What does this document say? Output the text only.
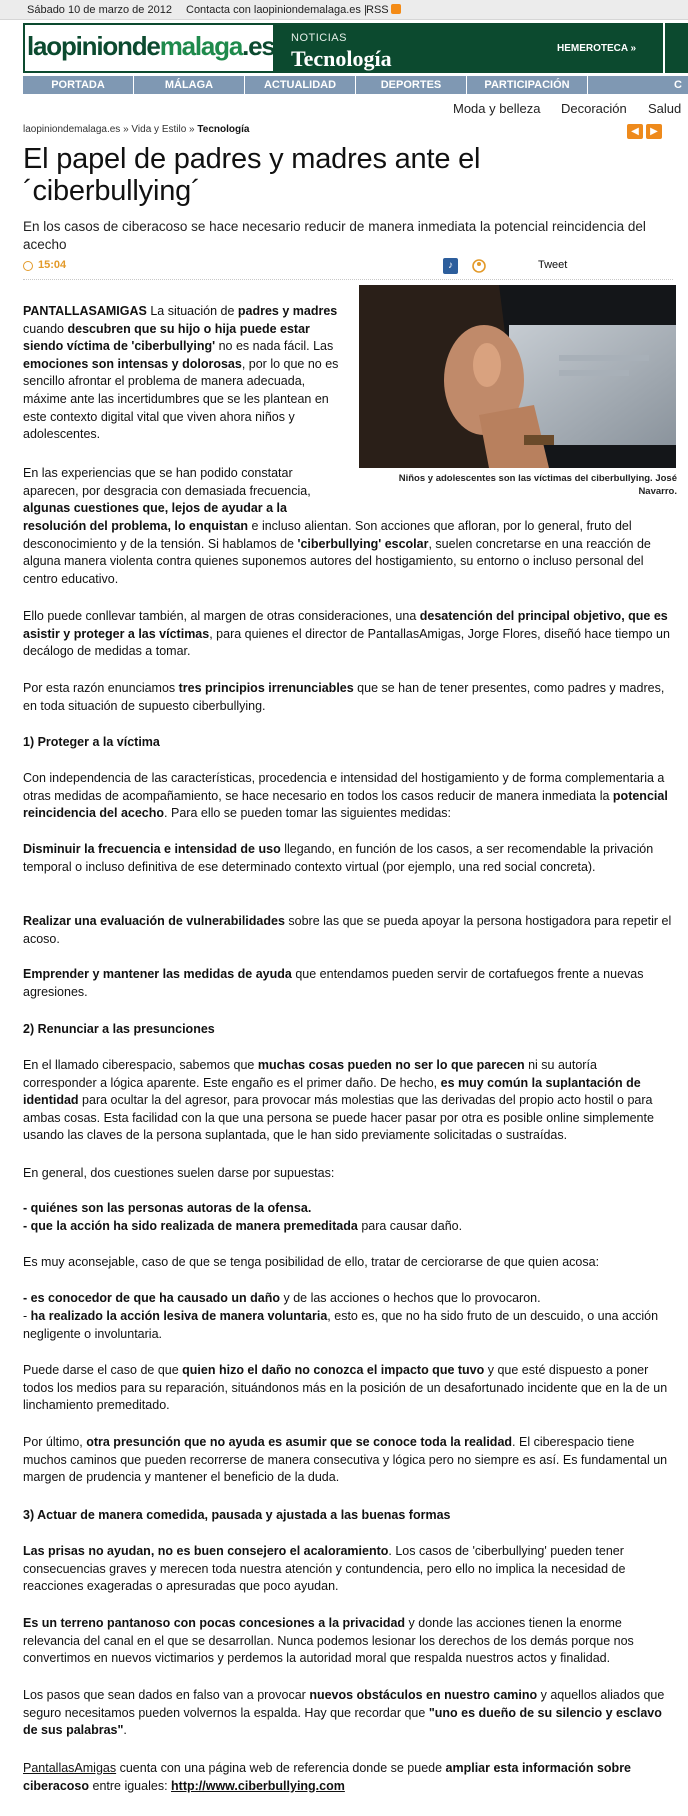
Sábado 10 de marzo de 2012 Contacta con laopiniondemalaga.es | RSS
laopiniondemalaga.es NOTICIAS
Tecnología	HEMEROTECA »
PORTADA	MÁLAGA	ACTUALIDAD	DEPORTES	PARTICIPACIÓN	C
Moda y belleza Decoración Salud
laopiniondemalaga.es » Vida y Estilo » Tecnología	◀	▶
El papel de padres y madres ante el ´ciberbullying´
En los casos de ciberacoso se hace necesario reducir de manera inmediata la potencial reincidencia del acecho
15:04	♪	Tweet
Niños y adolescentes son las víctimas del ciberbullying. José Navarro.

PANTALLASAMIGAS La situación de padres y madres cuando descubren que su hijo o hija puede estar siendo víctima de 'ciberbullying' no es nada fácil. Las emociones son intensas y dolorosas, por lo que no es sencillo afrontar el problema de manera adecuada, máxime ante las incertidumbres que se les plantean en este contexto digital vital que viven ahora niños y adolescentes.

En las experiencias que se han podido constatar aparecen, por desgracia con demasiada frecuencia, algunas cuestiones que, lejos de ayudar a la

resolución del problema, lo enquistan e incluso alientan. Son acciones que afloran, por lo general, fruto del desconocimiento y de la tensión. Si hablamos de 'ciberbullying' escolar, suelen concretarse en una reacción de alguna manera violenta contra quienes suponemos autores del hostigamiento, su entorno o incluso personal del centro educativo.

Ello puede conllevar también, al margen de otras consideraciones, una desatención del principal objetivo, que es asistir y proteger a las víctimas, para quienes el director de PantallasAmigas, Jorge Flores, diseñó hace tiempo un decálogo de medidas a tomar.

Por esta razón enunciamos tres principios irrenunciables que se han de tener presentes, como padres y madres, en toda situación de supuesto ciberbullying.

1) Proteger a la víctima

Con independencia de las características, procedencia e intensidad del hostigamiento y de forma complementaria a otras medidas de acompañamiento, se hace necesario en todos los casos reducir de manera inmediata la potencial reincidencia del acecho. Para ello se pueden tomar las siguientes medidas:

Disminuir la frecuencia e intensidad de uso llegando, en función de los casos, a ser recomendable la privación temporal o incluso definitiva de ese determinado contexto virtual (por ejemplo, una red social concreta).

Realizar una evaluación de vulnerabilidades sobre las que se pueda apoyar la persona hostigadora para repetir el acoso.

Emprender y mantener las medidas de ayuda que entendamos pueden servir de cortafuegos frente a nuevas agresiones.

2) Renunciar a las presunciones

En el llamado ciberespacio, sabemos que muchas cosas pueden no ser lo que parecen ni su autoría corresponder a lógica aparente. Este engaño es el primer daño. De hecho, es muy común la suplantación de identidad para ocultar la del agresor, para provocar más molestias que las derivadas del propio acto hostil o para ambas cosas. Esta facilidad con la que una persona se puede hacer pasar por otra es posible online simplemente usando las claves de la persona suplantada, que le han sido previamente solicitadas o sustraídas.

En general, dos cuestiones suelen darse por supuestas:

- quiénes son las personas autoras de la ofensa.

- que la acción ha sido realizada de manera premeditada para causar daño.

Es muy aconsejable, caso de que se tenga posibilidad de ello, tratar de cerciorarse de que quien acosa:

- es conocedor de que ha causado un daño y de las acciones o hechos que lo provocaron.

- ha realizado la acción lesiva de manera voluntaria, esto es, que no ha sido fruto de un descuido, o una acción negligente o involuntaria.

Puede darse el caso de que quien hizo el daño no conozca el impacto que tuvo y que esté dispuesto a poner todos los medios para su reparación, situándonos más en la posición de un desafortunado incidente que en la de un linchamiento premeditado.

Por último, otra presunción que no ayuda es asumir que se conoce toda la realidad. El ciberespacio tiene muchos caminos que pueden recorrerse de manera consecutiva y lógica pero no siempre es así. Es fundamental un margen de prudencia y mantener el beneficio de la duda.

3) Actuar de manera comedida, pausada y ajustada a las buenas formas

Las prisas no ayudan, no es buen consejero el acaloramiento. Los casos de 'ciberbullying' pueden tener consecuencias graves y merecen toda nuestra atención y contundencia, pero ello no implica la necesidad de reacciones exageradas o apresuradas que poco ayudan.

Es un terreno pantanoso con pocas concesiones a la privacidad y donde las acciones tienen la enorme relevancia del canal en el que se desarrollan. Nunca podemos lesionar los derechos de los demás porque nos convertimos en nuevos victimarios y perdemos la autoridad moral que respalda nuestros actos y finalidad.

Los pasos que sean dados en falso van a provocar nuevos obstáculos en nuestro camino y aquellos aliados que seguro necesitamos pueden volvernos la espalda. Hay que recordar que "uno es dueño de su silencio y esclavo de sus palabras".

PantallasAmigas cuenta con una página web de referencia donde se puede ampliar esta información sobre ciberacoso entre iguales: http://www.ciberbullying.com
